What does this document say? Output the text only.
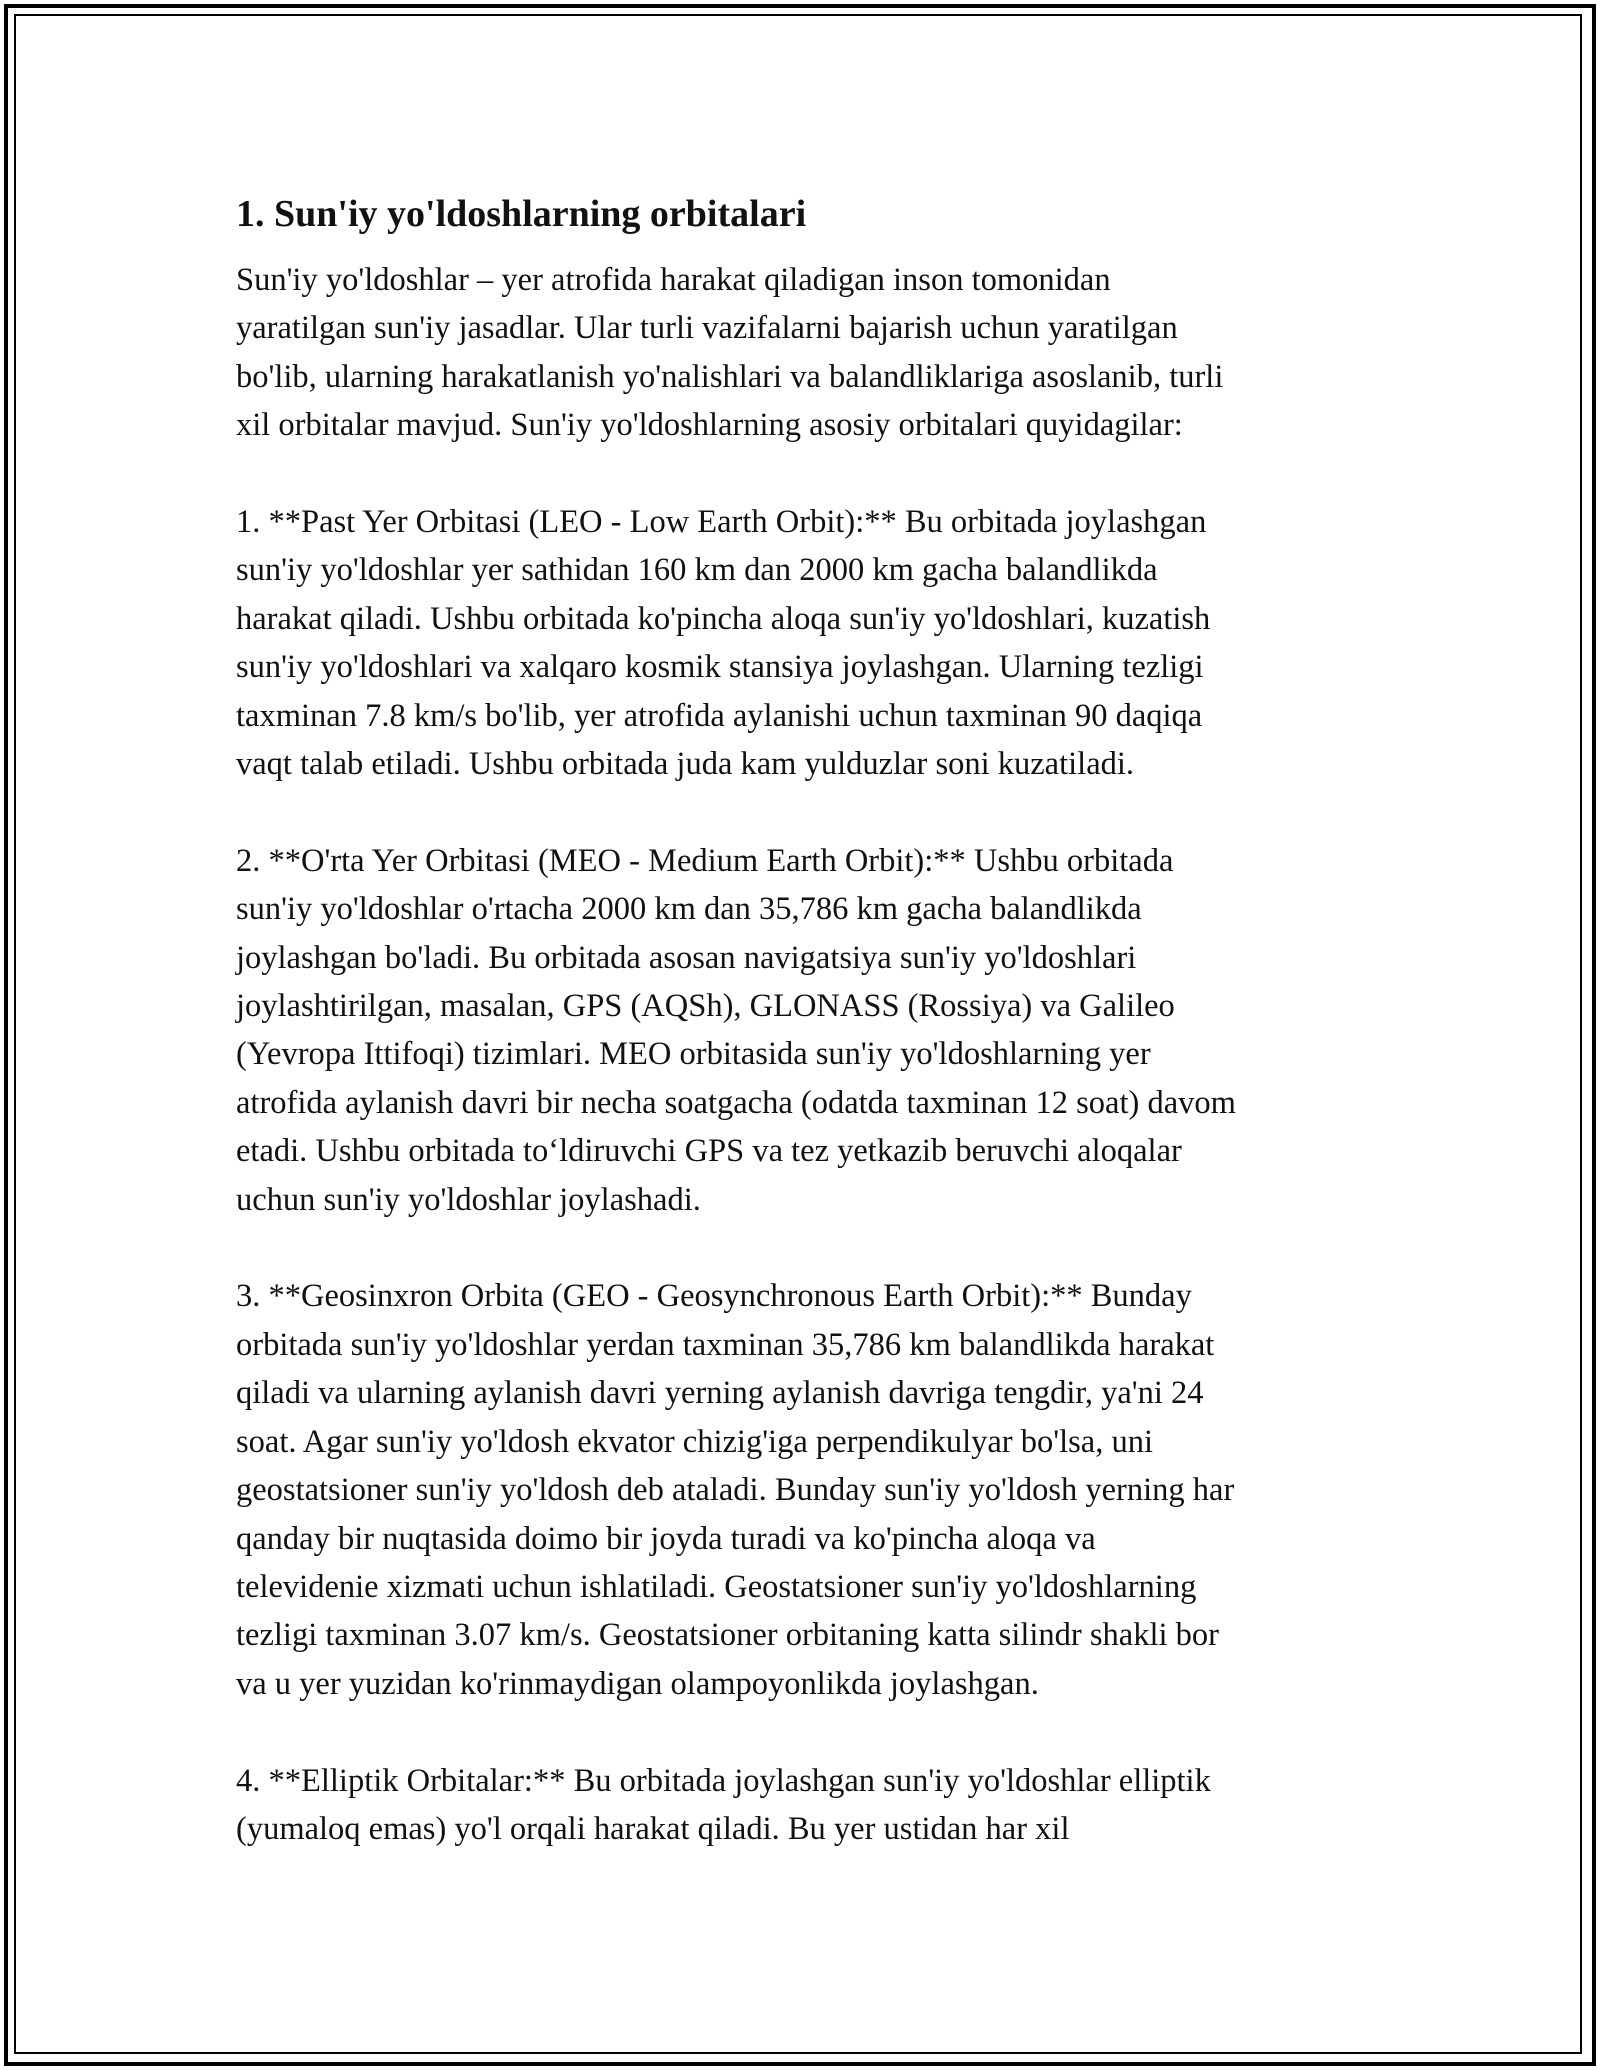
1. Sun'iy yo'ldoshlarning orbitalari

Sun'iy yo'ldoshlar – yer atrofida harakat qiladigan inson tomonidan
yaratilgan sun'iy jasadlar. Ular turli vazifalarni bajarish uchun yaratilgan
bo'lib, ularning harakatlanish yo'nalishlari va balandliklariga asoslanib, turli
xil orbitalar mavjud. Sun'iy yo'ldoshlarning asosiy orbitalari quyidagilar:

1. **Past Yer Orbitasi (LEO - Low Earth Orbit):** Bu orbitada joylashgan
sun'iy yo'ldoshlar yer sathidan 160 km dan 2000 km gacha balandlikda
harakat qiladi. Ushbu orbitada ko'pincha aloqa sun'iy yo'ldoshlari, kuzatish
sun'iy yo'ldoshlari va xalqaro kosmik stansiya joylashgan. Ularning tezligi
taxminan 7.8 km/s bo'lib, yer atrofida aylanishi uchun taxminan 90 daqiqa
vaqt talab etiladi. Ushbu orbitada juda kam yulduzlar soni kuzatiladi.

2. **O'rta Yer Orbitasi (MEO - Medium Earth Orbit):** Ushbu orbitada
sun'iy yo'ldoshlar o'rtacha 2000 km dan 35,786 km gacha balandlikda
joylashgan bo'ladi. Bu orbitada asosan navigatsiya sun'iy yo'ldoshlari
joylashtirilgan, masalan, GPS (AQSh), GLONASS (Rossiya) va Galileo
(Yevropa Ittifoqi) tizimlari. MEO orbitasida sun'iy yo'ldoshlarning yer
atrofida aylanish davri bir necha soatgacha (odatda taxminan 12 soat) davom
etadi. Ushbu orbitada to‘ldiruvchi GPS va tez yetkazib beruvchi aloqalar
uchun sun'iy yo'ldoshlar joylashadi.

3. **Geosinxron Orbita (GEO - Geosynchronous Earth Orbit):** Bunday
orbitada sun'iy yo'ldoshlar yerdan taxminan 35,786 km balandlikda harakat
qiladi va ularning aylanish davri yerning aylanish davriga tengdir, ya'ni 24
soat. Agar sun'iy yo'ldosh ekvator chizig'iga perpendikulyar bo'lsa, uni
geostatsioner sun'iy yo'ldosh deb ataladi. Bunday sun'iy yo'ldosh yerning har
qanday bir nuqtasida doimo bir joyda turadi va ko'pincha aloqa va
televidenie xizmati uchun ishlatiladi. Geostatsioner sun'iy yo'ldoshlarning
tezligi taxminan 3.07 km/s. Geostatsioner orbitaning katta silindr shakli bor
va u yer yuzidan ko'rinmaydigan olampoyonlikda joylashgan.

4. **Elliptik Orbitalar:** Bu orbitada joylashgan sun'iy yo'ldoshlar elliptik
(yumaloq emas) yo'l orqali harakat qiladi. Bu yer ustidan har xil
